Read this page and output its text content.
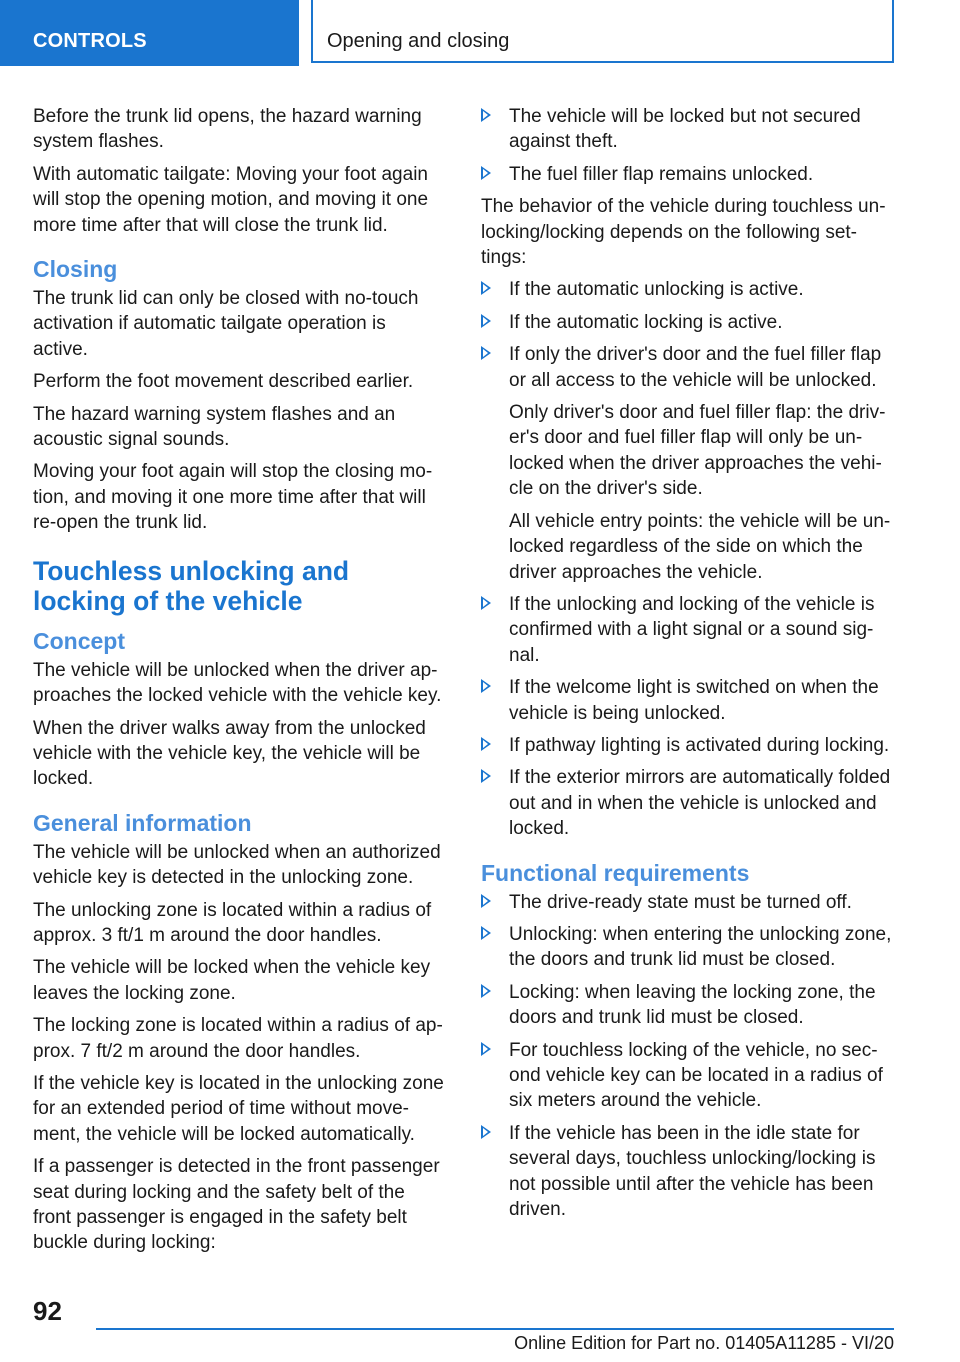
CONTROLS	Opening and closing

Before the trunk lid opens, the hazard warning system flashes.

With automatic tailgate: Moving your foot again will stop the opening motion, and moving it one more time after that will close the trunk lid.

Closing

The trunk lid can only be closed with no-touch activation if automatic tailgate operation is active.

Perform the foot movement described earlier.

The hazard warning system flashes and an acoustic signal sounds.

Moving your foot again will stop the closing mo‐tion, and moving it one more time after that will re-open the trunk lid.

Touchless unlocking and locking of the vehicle
Concept

The vehicle will be unlocked when the driver ap‐proaches the locked vehicle with the vehicle key.

When the driver walks away from the unlocked vehicle with the vehicle key, the vehicle will be locked.

General information

The vehicle will be unlocked when an authorized vehicle key is detected in the unlocking zone.

The unlocking zone is located within a radius of approx. 3 ft/1 m around the door handles.

The vehicle will be locked when the vehicle key leaves the locking zone.

The locking zone is located within a radius of ap‐prox. 7 ft/2 m around the door handles.

If the vehicle key is located in the unlocking zone for an extended period of time without move‐ment, the vehicle will be locked automatically.

If a passenger is detected in the front passenger seat during locking and the safety belt of the front passenger is engaged in the safety belt buckle during locking:

The vehicle will be locked but not secured against theft.
The fuel filler flap remains unlocked.

The behavior of the vehicle during touchless un‐locking/locking depends on the following set‐tings:

If the automatic unlocking is active.
If the automatic locking is active.
If only the driver's door and the fuel filler flap or all access to the vehicle will be unlocked.

Only driver's door and fuel filler flap: the driv‐er's door and fuel filler flap will only be un‐locked when the driver approaches the vehi‐cle on the driver's side.

All vehicle entry points: the vehicle will be un‐locked regardless of the side on which the driver approaches the vehicle.

If the unlocking and locking of the vehicle is confirmed with a light signal or a sound sig‐nal.
If the welcome light is switched on when the vehicle is being unlocked.
If pathway lighting is activated during locking.
If the exterior mirrors are automatically folded out and in when the vehicle is unlocked and locked.
Functional requirements
The drive-ready state must be turned off.
Unlocking: when entering the unlocking zone, the doors and trunk lid must be closed.
Locking: when leaving the locking zone, the doors and trunk lid must be closed.
For touchless locking of the vehicle, no sec‐ond vehicle key can be located in a radius of six meters around the vehicle.
If the vehicle has been in the idle state for several days, touchless unlocking/locking is not possible until after the vehicle has been driven.
92
Online Edition for Part no. 01405A11285 - VI/20
